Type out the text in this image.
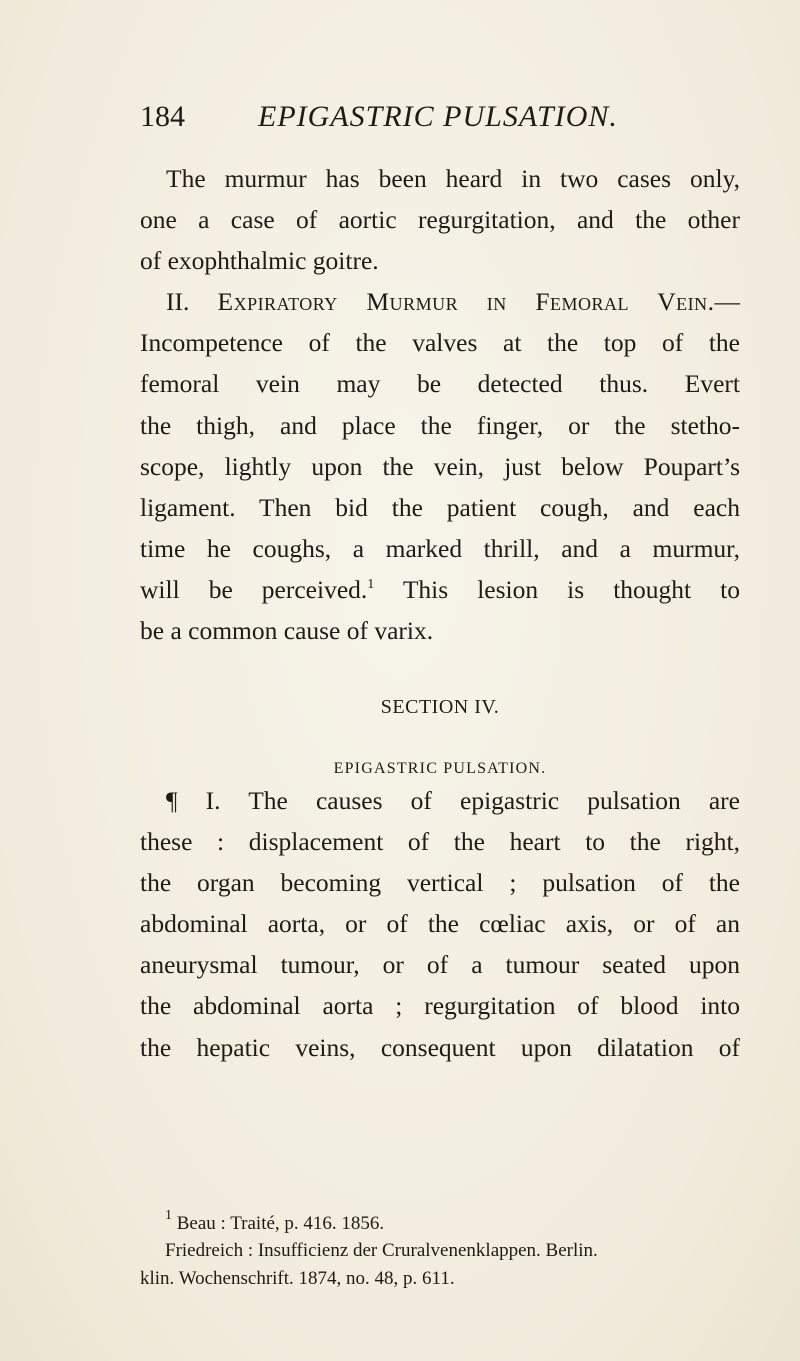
184 EPIGASTRIC PULSATION.
The murmur has been heard in two cases only,
one a case of aortic regurgitation, and the other
of exophthalmic goitre.
II. Expiratory Murmur in Femoral Vein.—
Incompetence of the valves at the top of the
femoral vein may be detected thus. Evert
the thigh, and place the finger, or the stetho-
scope, lightly upon the vein, just below Poupart’s
ligament. Then bid the patient cough, and each
time he coughs, a marked thrill, and a murmur,
will be perceived.$^1$ This lesion is thought to
be a common cause of varix.
SECTION IV.
EPIGASTRIC PULSATION.
¶ I. The causes of epigastric pulsation are
these : displacement of the heart to the right,
the organ becoming vertical ; pulsation of the
abdominal aorta, or of the cœliac axis, or of an
aneurysmal tumour, or of a tumour seated upon
the abdominal aorta ; regurgitation of blood into
the hepatic veins, consequent upon dilatation of
$^1$ Beau : Traité, p. 416. 1856.
Friedreich : Insufficienz der Cruralvenenklappen. Berlin.
klin. Wochenschrift. 1874, no. 48, p. 611.
